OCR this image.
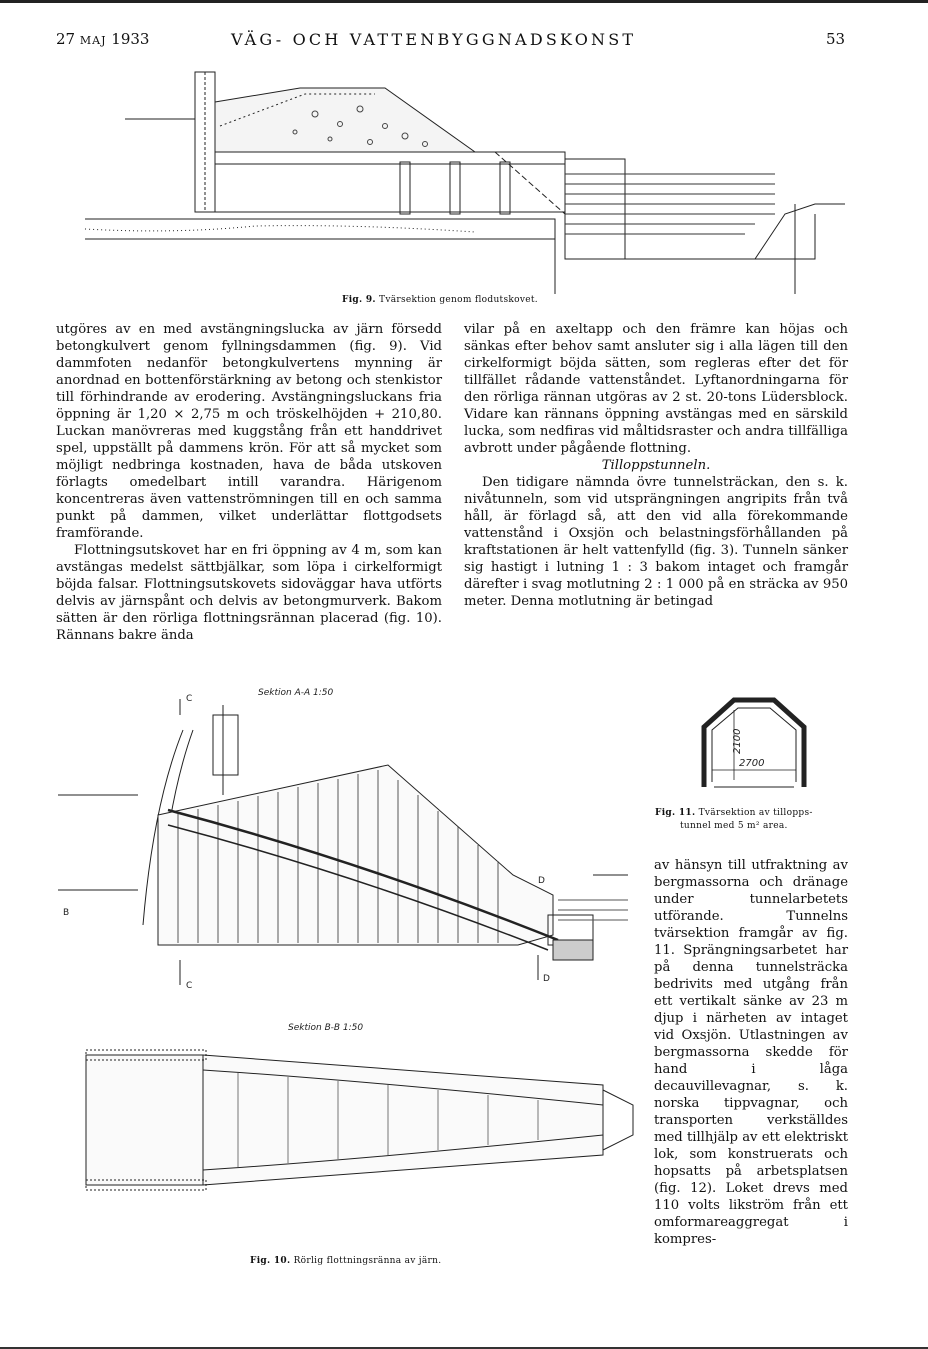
27 MAJ 1933	VÄG- OCH VATTENBYGGNADSKONST	53
Fig. 9. Tvärsektion genom flodutskovet.

utgöres av en med avstängningslucka av järn försedd betongkulvert genom fyllningsdammen (fig. 9). Vid dammfoten nedanför betongkulvertens mynning är anordnad en bottenförstärkning av betong och stenkistor till förhindrande av erodering. Avstängningsluckans fria öppning är 1,20 × 2,75 m och tröskelhöjden + 210,80. Luckan manövreras med kuggstång från ett handdrivet spel, uppställt på dammens krön. För att så mycket som möjligt nedbringa kostnaden, hava de båda utskoven förlagts omedelbart intill varandra. Härigenom koncentreras även vattenströmningen till en och samma punkt på dammen, vilket underlättar flottgodsets framförande.

Flottningsutskovet har en fri öppning av 4 m, som kan avstängas medelst sättbjälkar, som löpa i cirkelformigt böjda falsar. Flottningsutskovets sidoväggar hava utförts delvis av järnspånt och delvis av betongmurverk. Bakom sätten är den rörliga flottningsrännan placerad (fig. 10). Rännans bakre ända

vilar på en axeltapp och den främre kan höjas och sänkas efter behov samt ansluter sig i alla lägen till den cirkelformigt böjda sätten, som regleras efter det för tillfället rådande vattenståndet. Lyftanordningarna för den rörliga rännan utgöras av 2 st. 20-tons Lüdersblock. Vidare kan rännans öppning avstängas med en särskild lucka, som nedfiras vid måltidsraster och andra tillfälliga avbrott under pågående flottning.

Tilloppstunneln.

Den tidigare nämnda övre tunnelsträckan, den s. k. nivåtunneln, som vid utsprängningen angripits från två håll, är förlagd så, att den vid alla förekommande vattenstånd i Oxsjön och belastningsförhållanden på kraftstationen är helt vattenfylld (fig. 3). Tunneln sänker sig hastigt i lutning 1 : 3 bakom intaget och framgår därefter i svag motlutning 2 : 1 000 på en sträcka av 950 meter. Denna motlutning är betingad

Sektion A-A 1:50
C
D
D
C
B
Sektion B-B 1:50
Fig. 10. Rörlig flottningsränna av järn.
2100
2700
Fig. 11. Tvärsektion av tillopps-
tunnel med 5 m² area.

av hänsyn till utfraktning av bergmassorna och dränage under tunnelarbetets utförande. Tunnelns tvärsektion framgår av fig. 11. Sprängningsarbetet har på denna tunnelsträcka bedrivits med utgång från ett vertikalt sänke av 23 m djup i närheten av intaget vid Oxsjön. Utlastningen av bergmassorna skedde för hand i låga decauvillevagnar, s. k. norska tippvagnar, och transporten verkställdes med tillhjälp av ett elektriskt lok, som konstruerats och hopsatts på arbetsplatsen (fig. 12). Loket drevs med 110 volts likström från ett omformareaggregat i kompres-
